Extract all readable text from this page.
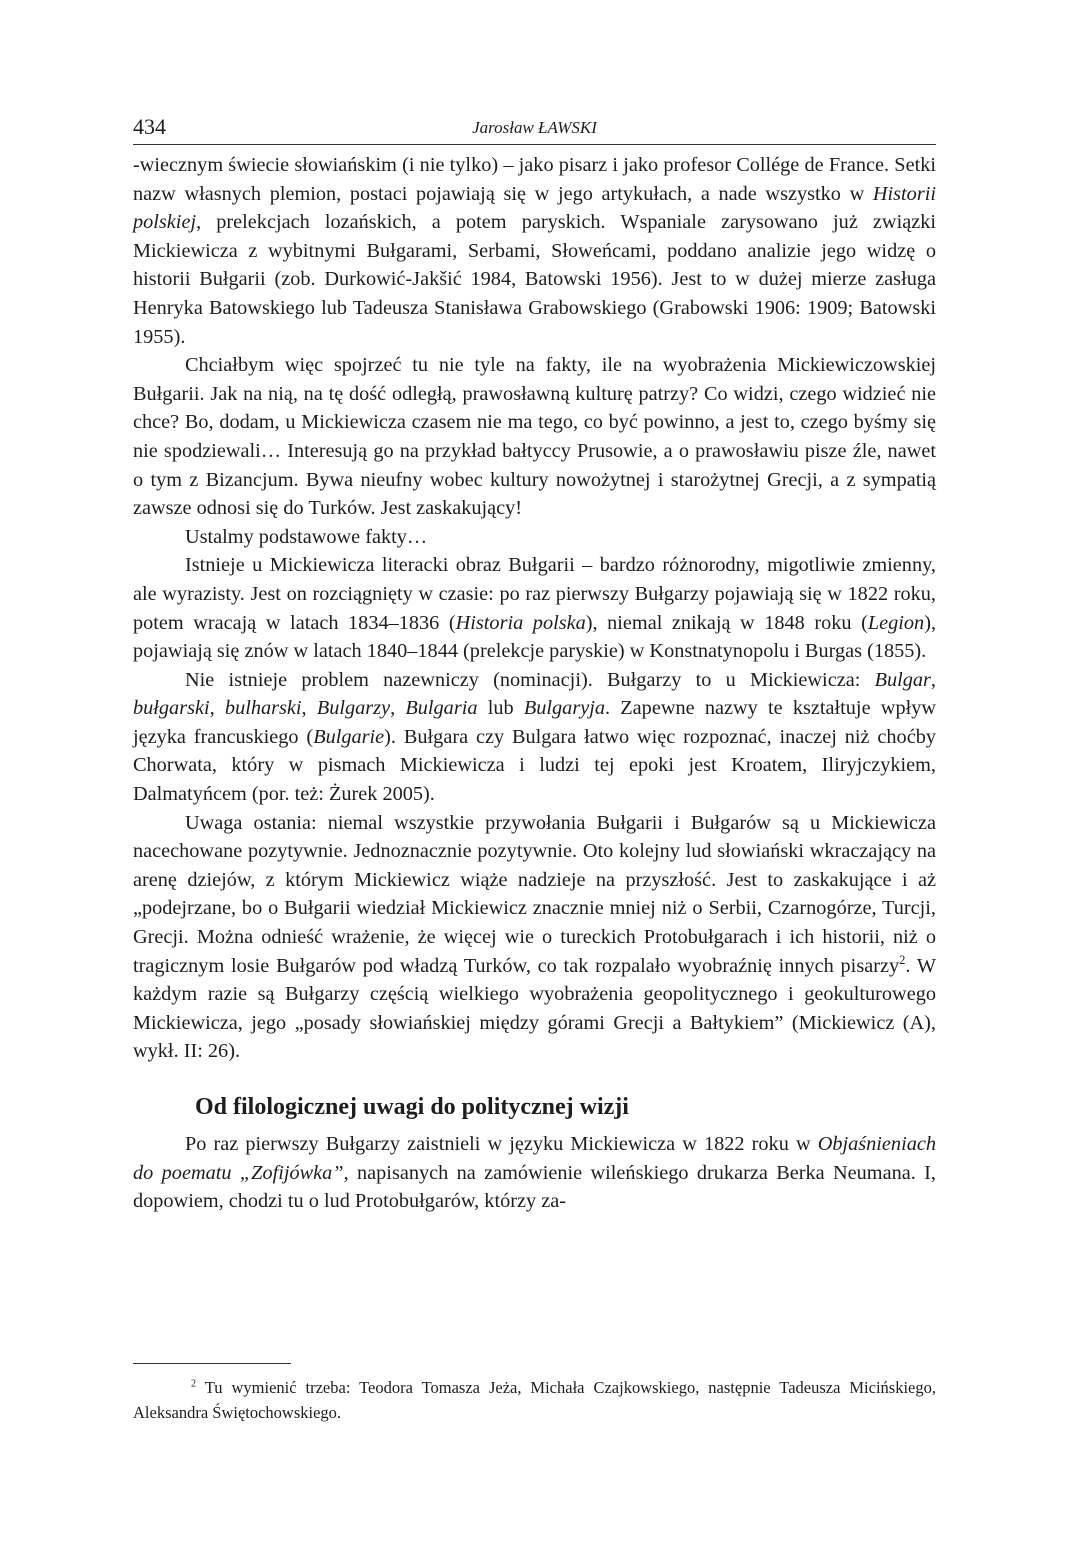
434	Jarosław ŁAWSKI

-wiecznym świecie słowiańskim (i nie tylko) – jako pisarz i jako profesor Collége de France. Setki nazw własnych plemion, postaci pojawiają się w jego artykułach, a nade wszystko w Historii polskiej, prelekcjach lozańskich, a potem paryskich. Wspaniale zarysowano już związki Mickiewicza z wybitnymi Bułgarami, Serbami, Słoweńcami, poddano analizie jego widzę o historii Bułgarii (zob. Durkowić-Jakšić 1984, Batowski 1956). Jest to w dużej mierze zasługa Henryka Batowskiego lub Tadeusza Stanisława Grabowskiego (Grabowski 1906: 1909; Batowski 1955).

Chciałbym więc spojrzeć tu nie tyle na fakty, ile na wyobrażenia Mickiewiczowskiej Bułgarii. Jak na nią, na tę dość odległą, prawosławną kulturę patrzy? Co widzi, czego widzieć nie chce? Bo, dodam, u Mickiewicza czasem nie ma tego, co być powinno, a jest to, czego byśmy się nie spodziewali… Interesują go na przykład bałtyccy Prusowie, a o prawosławiu pisze źle, nawet o tym z Bizancjum. Bywa nieufny wobec kultury nowożytnej i starożytnej Grecji, a z sympatią zawsze odnosi się do Turków. Jest zaskakujący!

Ustalmy podstawowe fakty…

Istnieje u Mickiewicza literacki obraz Bułgarii – bardzo różnorodny, migotliwie zmienny, ale wyrazisty. Jest on rozciągnięty w czasie: po raz pierwszy Bułgarzy pojawiają się w 1822 roku, potem wracają w latach 1834–1836 (Historia polska), niemal znikają w 1848 roku (Legion), pojawiają się znów w latach 1840–1844 (prelekcje paryskie) w Konstnatynopolu i Burgas (1855).

Nie istnieje problem nazewniczy (nominacji). Bułgarzy to u Mickiewicza: Bulgar, bułgarski, bulharski, Bulgarzy, Bulgaria lub Bulgaryja. Zapewne nazwy te kształtuje wpływ języka francuskiego (Bulgarie). Bułgara czy Bulgara łatwo więc rozpoznać, inaczej niż choćby Chorwata, który w pismach Mickiewicza i ludzi tej epoki jest Kroatem, Iliryjczykiem, Dalmatyńcem (por. też: Żurek 2005).

Uwaga ostania: niemal wszystkie przywołania Bułgarii i Bułgarów są u Mickiewicza nacechowane pozytywnie. Jednoznacznie pozytywnie. Oto kolejny lud słowiański wkraczający na arenę dziejów, z którym Mickiewicz wiąże nadzieje na przyszłość. Jest to zaskakujące i aż „podejrzane, bo o Bułgarii wiedział Mickiewicz znacznie mniej niż o Serbii, Czarnogórze, Turcji, Grecji. Można odnieść wrażenie, że więcej wie o tureckich Protobułgarach i ich historii, niż o tragicznym losie Bułgarów pod władzą Turków, co tak rozpalało wyobraźnię innych pisarzy$^2$. W każdym razie są Bułgarzy częścią wielkiego wyobrażenia geopolitycznego i geokulturowego Mickiewicza, jego „posady słowiańskiej między górami Grecji a Bałtykiem” (Mickiewicz (A), wykł. II: 26).

Od filologicznej uwagi do politycznej wizji

Po raz pierwszy Bułgarzy zaistnieli w języku Mickiewicza w 1822 roku w Objaśnieniach do poematu „Zofijówka”, napisanych na zamówienie wileńskiego drukarza Berka Neumana. I, dopowiem, chodzi tu o lud Protobułgarów, którzy za-

$^2$ Tu wymienić trzeba: Teodora Tomasza Jeża, Michała Czajkowskiego, następnie Tadeusza Micińskiego, Aleksandra Świętochowskiego.
